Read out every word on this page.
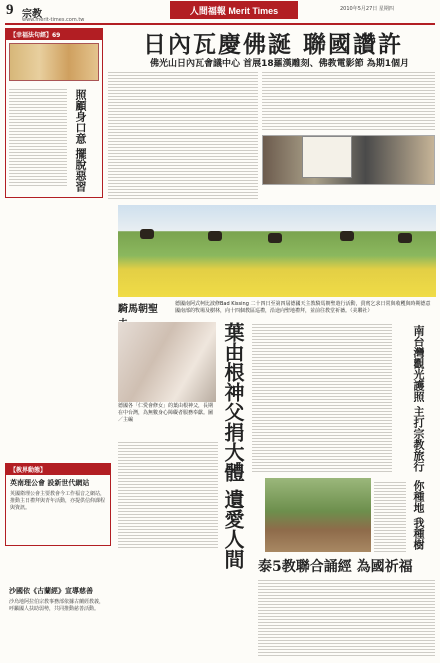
9 宗教
www.merit-times.com.tw
人間福報 Merit Times	2010年5月27日 星期四
【幸福法句經】69
照顧身口意 擺脫惡習
日內瓦慶佛誕 聯國讚許
佛光山日內瓦會議中心 首展18羅漢雕刻、佛教電影節 為期1個月
騎馬朝聖	德國南阿式柯比波修Bad Kissing 二十四日至第四屆德國天主教騎馬朝聖遊行活動，貴賓乞求日常與收穫與時期德意國南部的牧場及樹林，向十四個教區巡禮，沿途向聖地禮拜，並前往教堂祈禱。（美聯社）
德國各「仁愛會修女」的葉由根神父，長期在中台灣，為無數身心障礙者服務奉獻。圖／主編	葉由根神父捐大體 遺愛人間	南台灣觀光護照 主打宗教旅行
你種地 我種樹
泰5教聯合誦經 為國祈福
【教界動態】
英南理公會 設新世代網站
英國衛理公會主要教會今工作福音之網站，推動主日禮拜與青年活動，亦提供信仰課程與資訊。
沙國依《古蘭經》宣導慈善
沙烏地阿拉伯宗教事務部依據古蘭經教義，呼籲國人扶助弱勢，共同推動慈善活動。
